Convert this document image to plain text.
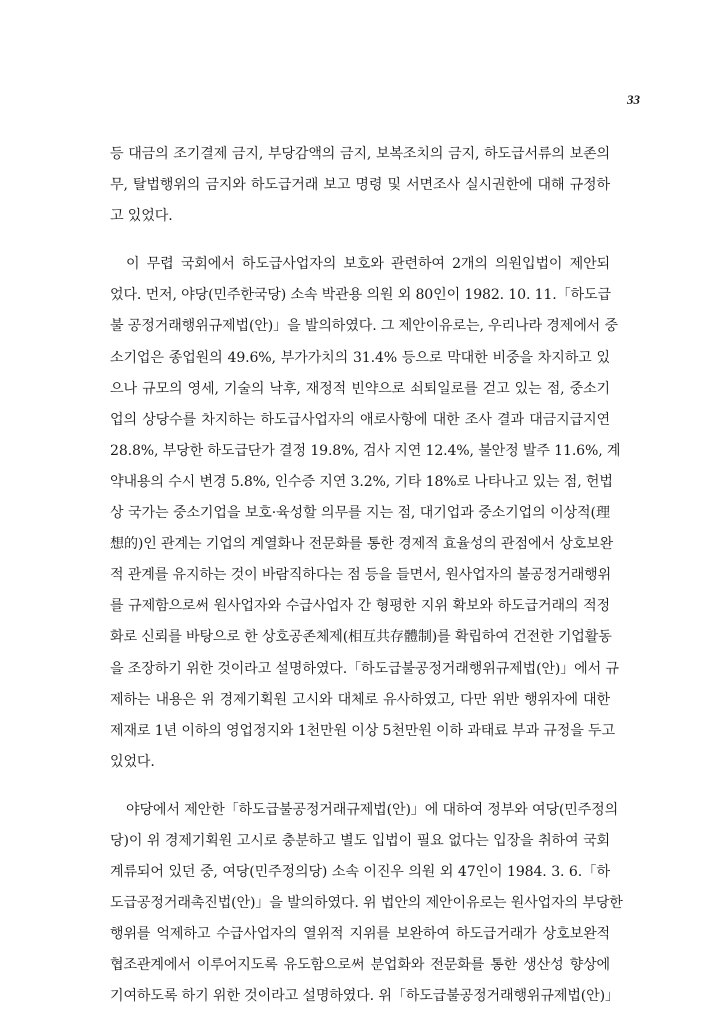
33
등 대금의 조기결제 금지, 부당감액의 금지, 보복조치의 금지, 하도급서류의 보존의
무, 탈법행위의 금지와 하도급거래 보고 명령 및 서면조사 실시권한에 대해 규정하
고 있었다.
이 무렵 국회에서 하도급사업자의 보호와 관련하여 2개의 의원입법이 제안되
었다. 먼저, 야당(민주한국당) 소속 박관용 의원 외 80인이 1982. 10. 11.「하도급
불 공정거래행위규제법(안)」을 발의하였다. 그 제안이유로는, 우리나라 경제에서 중
소기업은 종업원의 49.6%, 부가가치의 31.4% 등으로 막대한 비중을 차지하고 있
으나 규모의 영세, 기술의 낙후, 재정적 빈약으로 쇠퇴일로를 걷고 있는 점, 중소기
업의 상당수를 차지하는 하도급사업자의 애로사항에 대한 조사 결과 대금지급지연
28.8%, 부당한 하도급단가 결정 19.8%, 검사 지연 12.4%, 불안정 발주 11.6%, 계
약내용의 수시 변경 5.8%, 인수증 지연 3.2%, 기타 18%로 나타나고 있는 점, 헌법
상 국가는 중소기업을 보호·육성할 의무를 지는 점, 대기업과 중소기업의 이상적(理
想的)인 관계는 기업의 계열화나 전문화를 통한 경제적 효율성의 관점에서 상호보완
적 관계를 유지하는 것이 바람직하다는 점 등을 들면서, 원사업자의 불공정거래행위
를 규제함으로써 원사업자와 수급사업자 간 형평한 지위 확보와 하도급거래의 적정
화로 신뢰를 바탕으로 한 상호공존체제(相互共存體制)를 확립하여 건전한 기업활동
을 조장하기 위한 것이라고 설명하였다.「하도급불공정거래행위규제법(안)」에서 규
제하는 내용은 위 경제기획원 고시와 대체로 유사하였고, 다만 위반 행위자에 대한
제재로 1년 이하의 영업정지와 1천만원 이상 5천만원 이하 과태료 부과 규정을 두고
있었다.
야당에서 제안한「하도급불공정거래규제법(안)」에 대하여 정부와 여당(민주정의
당)이 위 경제기획원 고시로 충분하고 별도 입법이 필요 없다는 입장을 취하여 국회
계류되어 있던 중, 여당(민주정의당) 소속 이진우 의원 외 47인이 1984. 3. 6.「하
도급공정거래촉진법(안)」을 발의하였다. 위 법안의 제안이유로는 원사업자의 부당한
행위를 억제하고 수급사업자의 열위적 지위를 보완하여 하도급거래가 상호보완적
협조관계에서 이루어지도록 유도함으로써 분업화와 전문화를 통한 생산성 향상에
기여하도록 하기 위한 것이라고 설명하였다. 위「하도급불공정거래행위규제법(안)」
